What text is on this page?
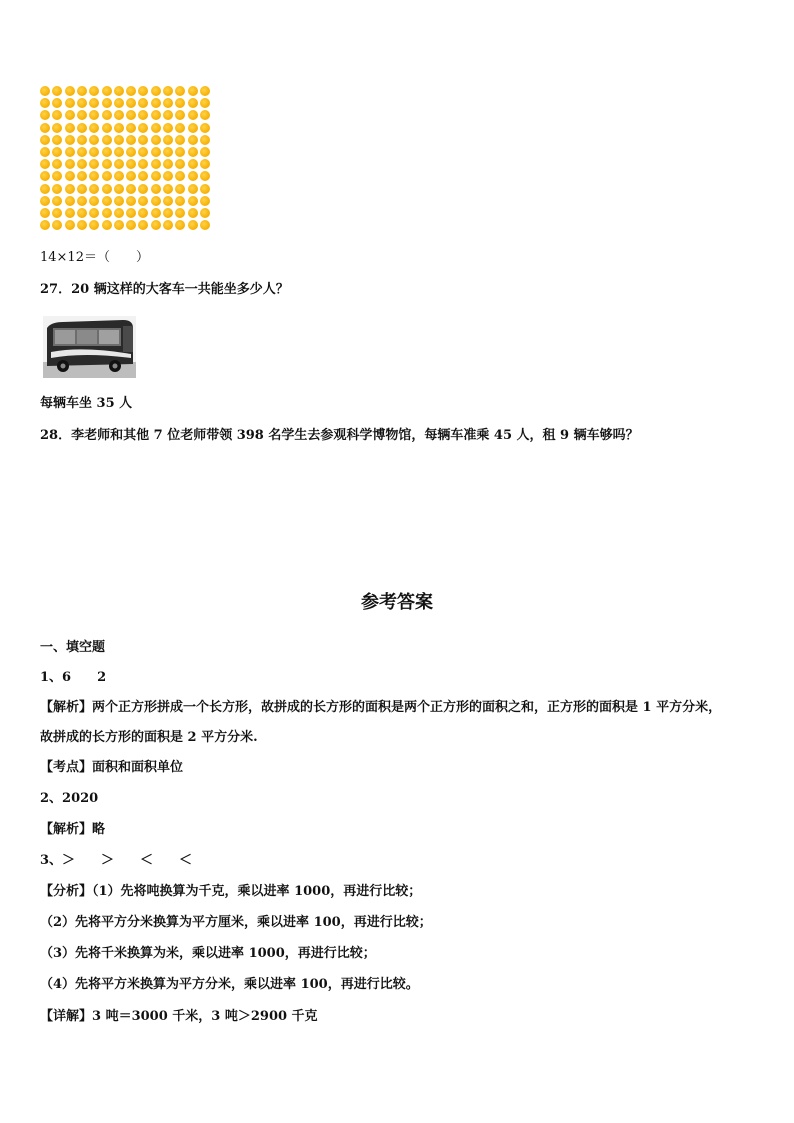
14×12＝（　　）
27．20 辆这样的大客车一共能坐多少人？
每辆车坐 35 人
28．李老师和其他 7 位老师带领 398 名学生去参观科学博物馆，每辆车准乘 45 人，租 9 辆车够吗？
参考答案
一、填空题
1、6　　2
【解析】两个正方形拼成一个长方形，故拼成的长方形的面积是两个正方形的面积之和，正方形的面积是 1 平方分米，
故拼成的长方形的面积是 2 平方分米.
【考点】面积和面积单位
2、2020
【解析】略
3、＞　　＞　　＜　　＜
【分析】（1）先将吨换算为千克，乘以进率 1000，再进行比较；
（2）先将平方分米换算为平方厘米，乘以进率 100，再进行比较；
（3）先将千米换算为米，乘以进率 1000，再进行比较；
（4）先将平方米换算为平方分米，乘以进率 100，再进行比较。
【详解】3 吨＝3000 千米，3 吨＞2900 千克
